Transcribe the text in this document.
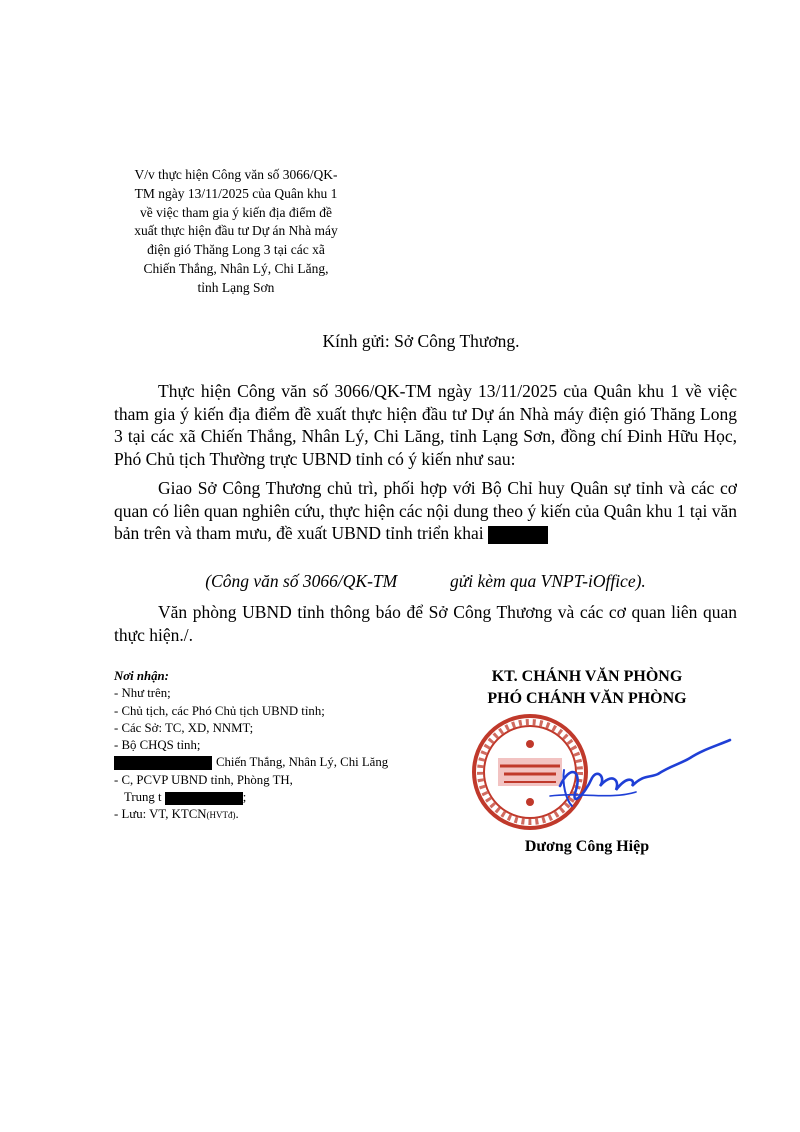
V/v thực hiện Công văn số 3066/QK-
TM ngày 13/11/2025 của Quân khu 1
về việc tham gia ý kiến địa điểm đề
xuất thực hiện đầu tư Dự án Nhà máy
điện gió Thăng Long 3 tại các xã
Chiến Thắng, Nhân Lý, Chi Lăng,
tỉnh Lạng Sơn
Kính gửi: Sở Công Thương.

Thực hiện Công văn số 3066/QK-TM ngày 13/11/2025 của Quân khu 1 về việc tham gia ý kiến địa điểm đề xuất thực hiện đầu tư Dự án Nhà máy điện gió Thăng Long 3 tại các xã Chiến Thắng, Nhân Lý, Chi Lăng, tỉnh Lạng Sơn, đồng chí Đinh Hữu Học, Phó Chủ tịch Thường trực UBND tỉnh có ý kiến như sau:

Giao Sở Công Thương chủ trì, phối hợp với Bộ Chỉ huy Quân sự tỉnh và các cơ quan có liên quan nghiên cứu, thực hiện các nội dung theo ý kiến của Quân khu 1 tại văn bản trên và tham mưu, đề xuất UBND tỉnh triển khai

(Công văn số 3066/QK-TM	gửi kèm qua VNPT-iOffice).

Văn phòng UBND tỉnh thông báo để Sở Công Thương và các cơ quan liên quan thực hiện./.

Nơi nhận:
- Như trên;
- Chủ tịch, các Phó Chủ tịch UBND tỉnh;
- Các Sở: TC, XD, NNMT;
- Bộ CHQS tỉnh;
Chiến Thắng, Nhân Lý, Chi Lăng
- C, PCVP UBND tỉnh, Phòng TH,
Trung t	;
- Lưu: VT, KTCN(HVTđ).
KT. CHÁNH VĂN PHÒNG
PHÓ CHÁNH VĂN PHÒNG
Dương Công Hiệp
